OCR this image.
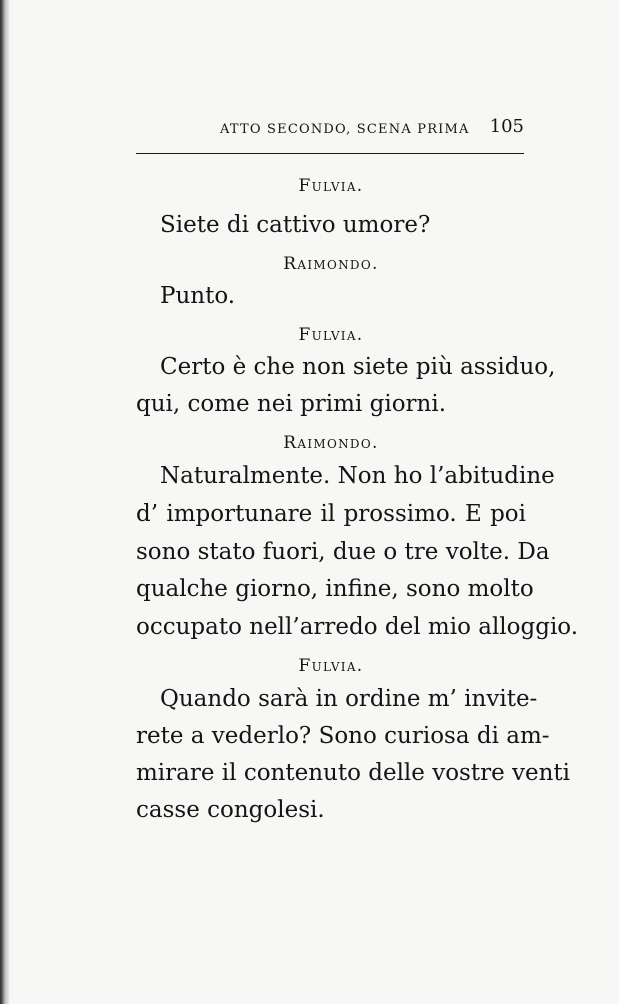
ATTO SECONDO, SCENA PRIMA 105
Fulvia.
Siete di cattivo umore?
Raimondo.
Punto.
Fulvia.
Certo è che non siete più assiduo,
qui, come nei primi giorni.
Raimondo.
Naturalmente. Non ho l’abitudine
d’ importunare il prossimo. E poi
sono stato fuori, due o tre volte. Da
qualche giorno, infine, sono molto
occupato nell’arredo del mio alloggio.
Fulvia.
Quando sarà in ordine m’ invite-
rete a vederlo? Sono curiosa di am-
mirare il contenuto delle vostre venti
casse congolesi.
